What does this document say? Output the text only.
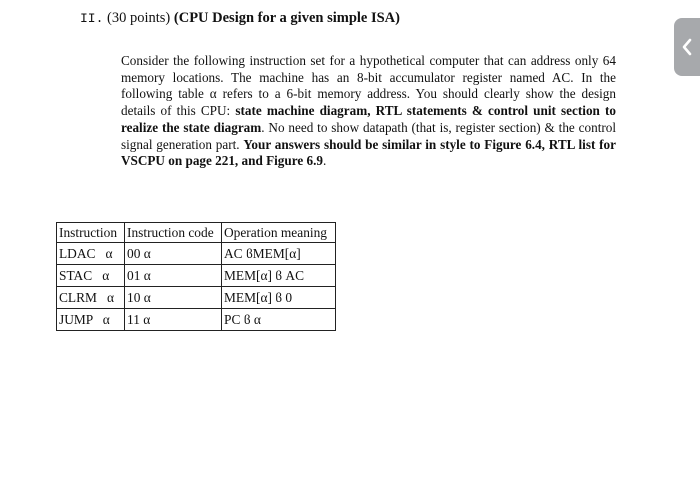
II. (30 points) (CPU Design for a given simple ISA)
Consider the following instruction set for a hypothetical computer that can address only 64 memory locations. The machine has an 8-bit accumulator register named AC. In the following table α refers to a 6-bit memory address. You should clearly show the design details of this CPU: state machine diagram, RTL statements & control unit section to realize the state diagram. No need to show datapath (that is, register section) & the control signal generation part. Your answers should be similar in style to Figure 6.4, RTL list for VSCPU on page 221, and Figure 6.9.
Instruction	Instruction code	Operation meaning
LDAC   α	00 α	AC ϐMEM[α]
STAC   α	01 α	MEM[α] ϐ AC
CLRM   α	10 α	MEM[α] ϐ 0
JUMP   α	11 α	PC ϐ α
